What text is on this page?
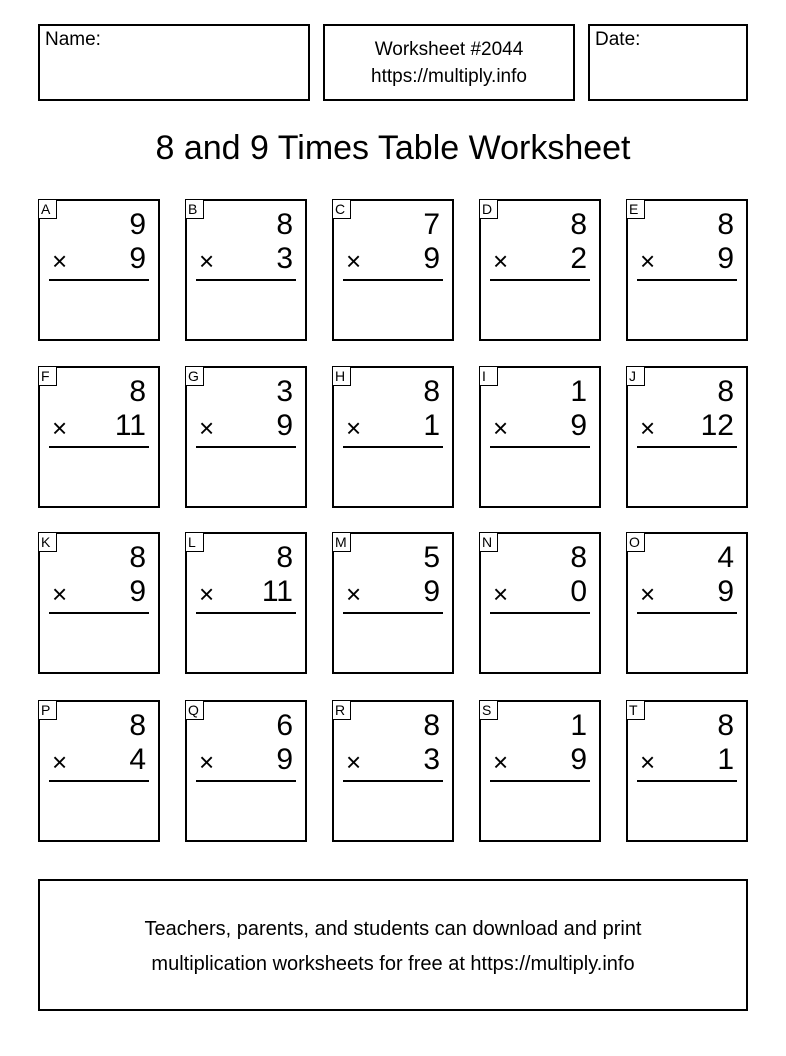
Name:	Worksheet #2044
https://multiply.info
Date:
8 and 9 Times Table Worksheet
A	9
× 9
B	8
× 3
C	7
× 9
D	8
× 2
E	8
× 9
F	8
× 11
G	3
× 9
H	8
× 1
I	1
× 9
J	8
× 12
K	8
× 9
L	8
× 11
M	5
× 9
N	8
× 0
O	4
× 9
P	8
× 4
Q	6
× 9
R	8
× 3
S	1
× 9
T	8
× 1
Teachers, parents, and students can download and print
multiplication worksheets for free at https://multiply.info
